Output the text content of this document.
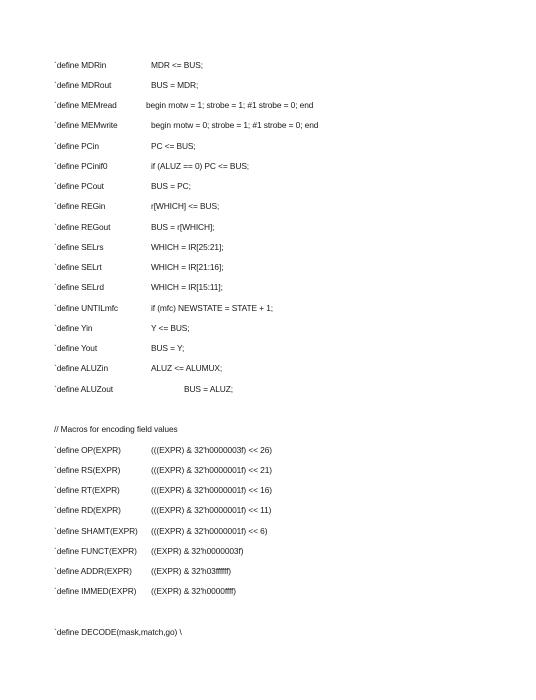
`define MDRin	MDR <= BUS;
`define MDRout	BUS = MDR;
`define MEMread	begin rnotw = 1; strobe = 1; #1 strobe = 0; end
`define MEMwrite	begin rnotw = 0; strobe = 1; #1 strobe = 0; end
`define PCin	PC <= BUS;
`define PCinif0	if (ALUZ == 0) PC <= BUS;
`define PCout	BUS = PC;
`define REGin	r[WHICH] <= BUS;
`define REGout	BUS = r[WHICH];
`define SELrs	WHICH = IR[25:21];
`define SELrt	WHICH = IR[21:16];
`define SELrd	WHICH = IR[15:11];
`define UNTILmfc	if (mfc) NEWSTATE = STATE + 1;
`define Yin	Y <= BUS;
`define Yout	BUS = Y;
`define ALUZin	ALUZ <= ALUMUX;
`define ALUZout	BUS = ALUZ;
// Macros for encoding field values
`define OP(EXPR)	(((EXPR) & 32'h0000003f) << 26)
`define RS(EXPR)	(((EXPR) & 32'h0000001f) << 21)
`define RT(EXPR)	(((EXPR) & 32'h0000001f) << 16)
`define RD(EXPR)	(((EXPR) & 32'h0000001f) << 11)
`define SHAMT(EXPR) (((EXPR) & 32'h0000001f) << 6)
`define FUNCT(EXPR) ((EXPR) & 32'h0000003f)
`define ADDR(EXPR) ((EXPR) & 32'h03ffffff)
`define IMMED(EXPR) ((EXPR) & 32'h0000ffff)
`define DECODE(mask,match,go) \
